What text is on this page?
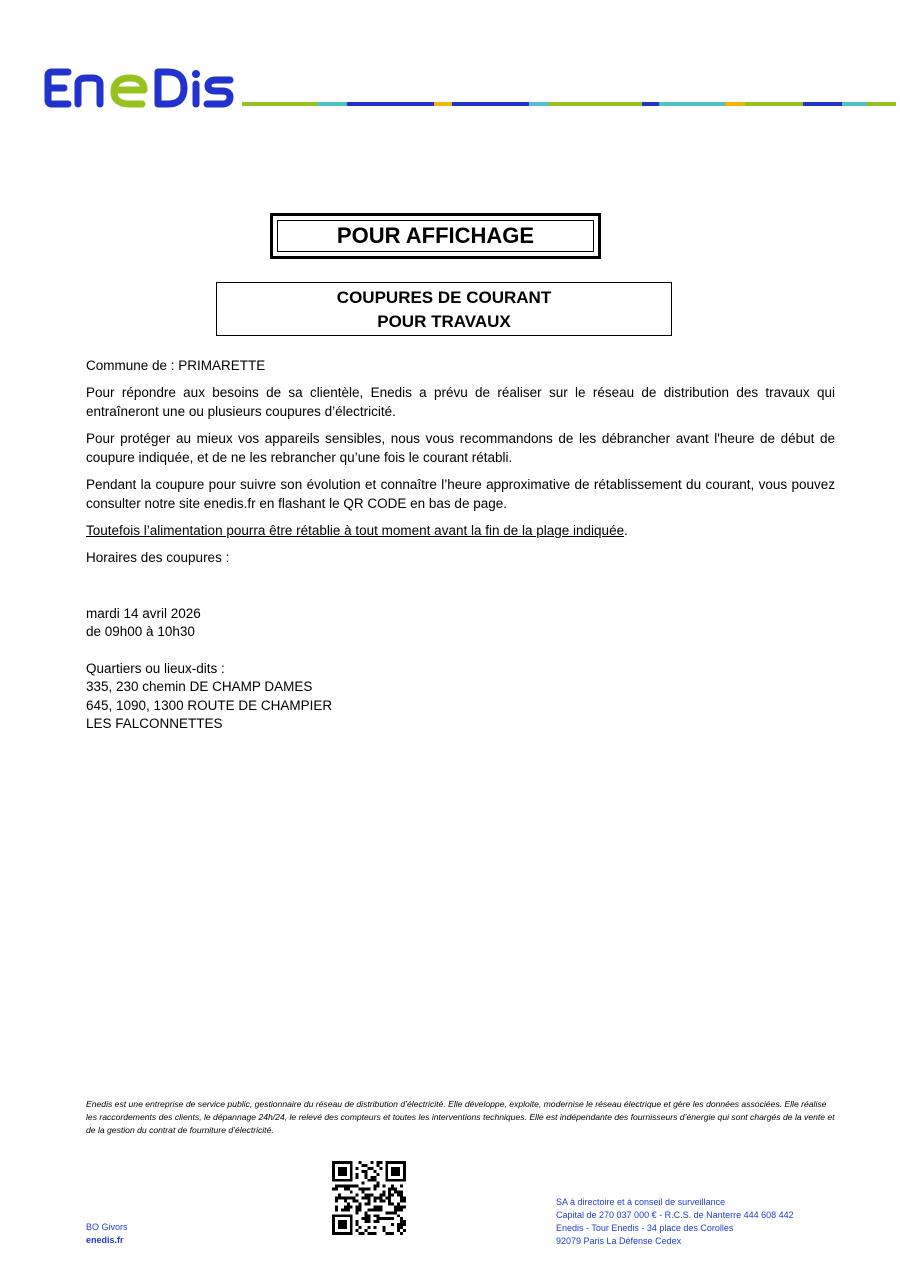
POUR AFFICHAGE
COUPURES DE COURANT
POUR TRAVAUX
Commune de : PRIMARETTE
Pour répondre aux besoins de sa clientèle, Enedis a prévu de réaliser sur le réseau de distribution des travaux qui entraîneront une ou plusieurs coupures d’électricité.
Pour protéger au mieux vos appareils sensibles, nous vous recommandons de les débrancher avant l'heure de début de coupure indiquée, et de ne les rebrancher qu’une fois le courant rétabli.
Pendant la coupure pour suivre son évolution et connaître l’heure approximative de rétablissement du courant, vous pouvez consulter notre site enedis.fr en flashant le QR CODE en bas de page.
Toutefois l’alimentation pourra être rétablie à tout moment avant la fin de la plage indiquée.
Horaires des coupures :
mardi 14 avril 2026
de 09h00 à 10h30
Quartiers ou lieux-dits :
335, 230 chemin DE CHAMP DAMES
645, 1090, 1300 ROUTE DE CHAMPIER
LES FALCONNETTES
Enedis est une entreprise de service public, gestionnaire du réseau de distribution d’électricité. Elle développe, exploite, modernise le réseau électrique et gère les données associées. Elle réalise les raccordements des clients, le dépannage 24h/24, le relevé des compteurs et toutes les interventions techniques. Elle est indépendante des fournisseurs d’énergie qui sont chargés de la vente et de la gestion du contrat de fourniture d’électricité.
BO Givors
enedis.fr
SA à directoire et à conseil de surveillance
Capital de 270 037 000 € - R.C.S. de Nanterre 444 608 442
Enedis - Tour Enedis - 34 place des Corolles
92079 Paris La Défense Cedex
